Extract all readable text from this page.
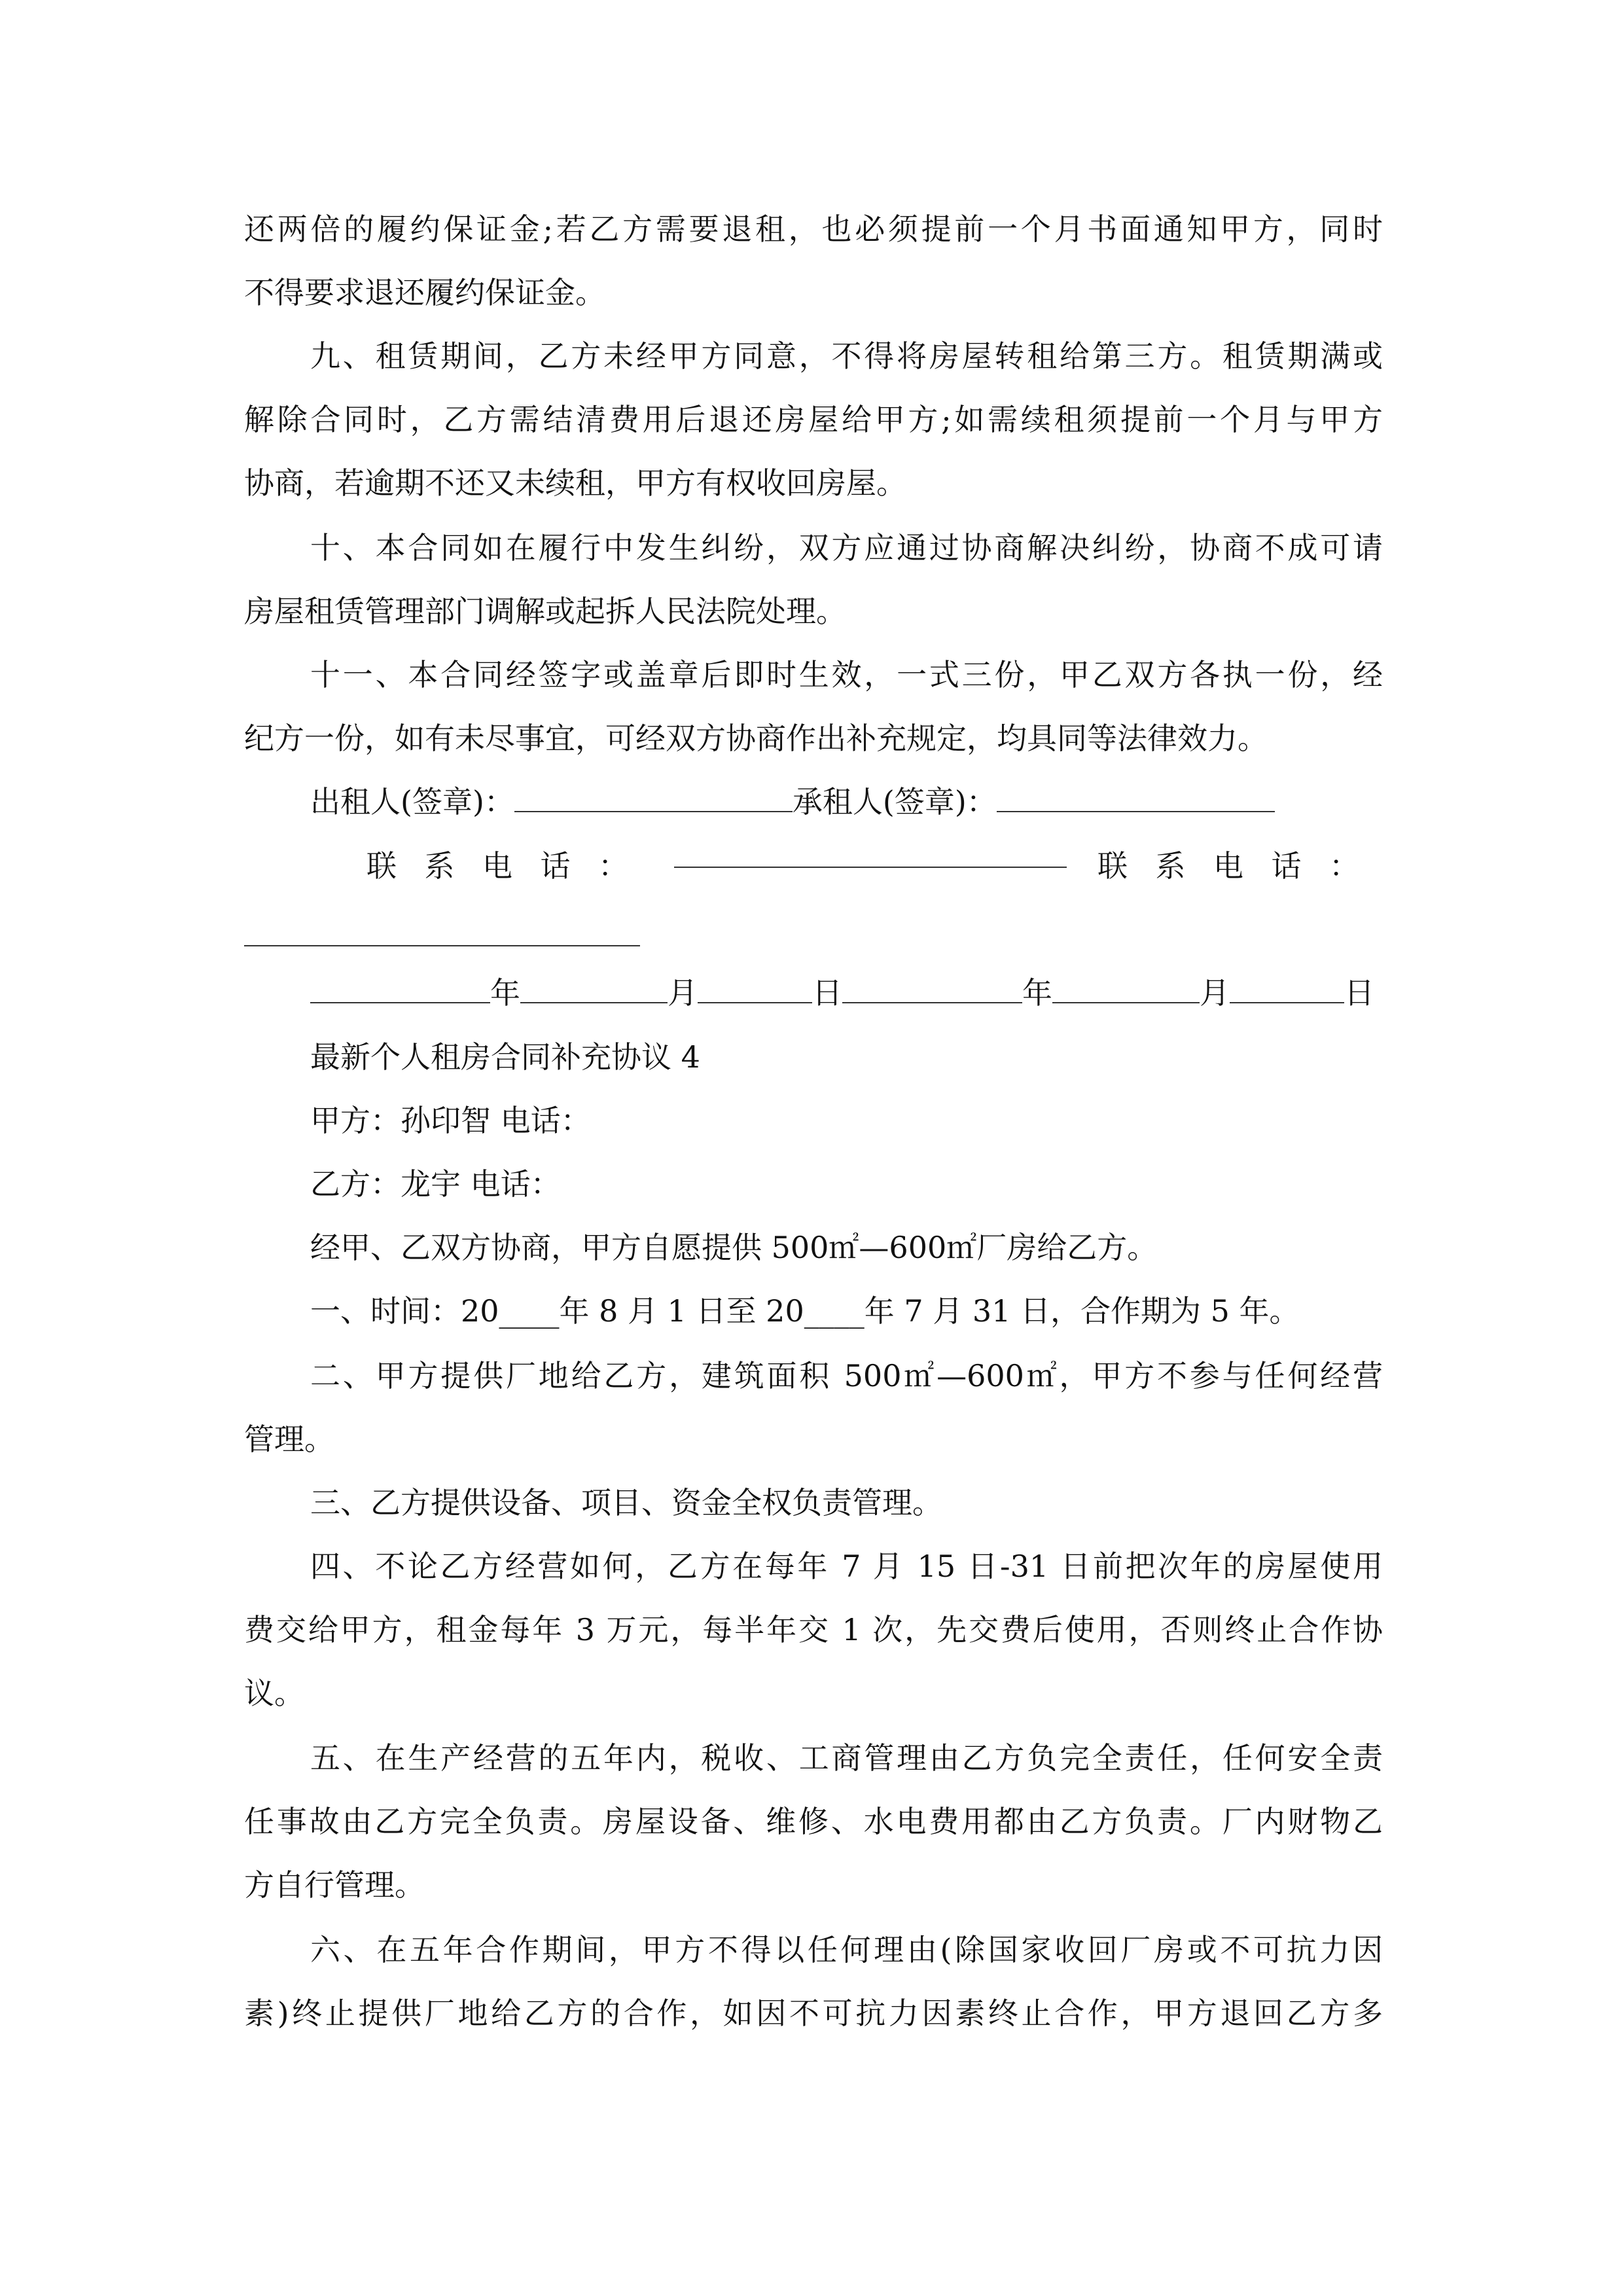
还两倍的履约保证金;若乙方需要退租，也必须提前一个月书面通知甲方，同时

不得要求退还履约保证金。

九、租赁期间，乙方未经甲方同意，不得将房屋转租给第三方。租赁期满或

解除合同时，乙方需结清费用后退还房屋给甲方;如需续租须提前一个月与甲方

协商，若逾期不还又未续租，甲方有权收回房屋。

十、本合同如在履行中发生纠纷，双方应通过协商解决纠纷，协商不成可请

房屋租赁管理部门调解或起拆人民法院处理。

十一、本合同经签字或盖章后即时生效，一式三份，甲乙双方各执一份，经

纪方一份，如有未尽事宜，可经双方协商作出补充规定，均具同等法律效力。

出租人(签章)：	承租人(签章)：
联系电话：	联系电话：
年	月	日	年	月	日

最新个人租房合同补充协议 4

甲方：孙印智 电话：

乙方：龙宇 电话：

经甲、乙双方协商，甲方自愿提供 500㎡—600㎡厂房给乙方。

一、时间：20____年 8 月 1 日至 20____年 7 月 31 日，合作期为 5 年。

二、甲方提供厂地给乙方，建筑面积 500㎡—600㎡，甲方不参与任何经营

管理。

三、乙方提供设备、项目、资金全权负责管理。

四、不论乙方经营如何，乙方在每年 7 月 15 日-31 日前把次年的房屋使用

费交给甲方，租金每年 3 万元，每半年交 1 次，先交费后使用，否则终止合作协

议。

五、在生产经营的五年内，税收、工商管理由乙方负完全责任，任何安全责

任事故由乙方完全负责。房屋设备、维修、水电费用都由乙方负责。厂内财物乙

方自行管理。

六、在五年合作期间，甲方不得以任何理由(除国家收回厂房或不可抗力因

素)终止提供厂地给乙方的合作，如因不可抗力因素终止合作，甲方退回乙方多
